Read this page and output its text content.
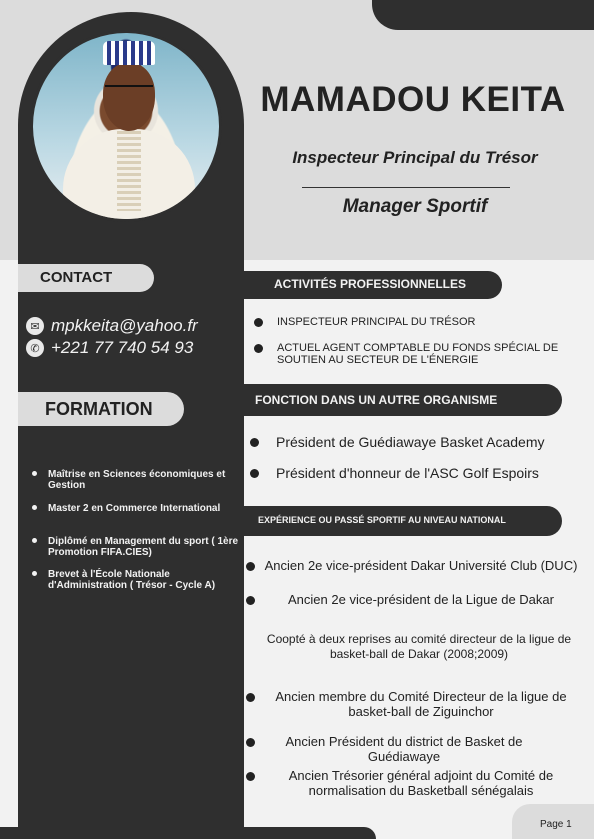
MAMADOU KEITA
Inspecteur Principal du Trésor
Manager Sportif
CONTACT
✉ mpkkeita@yahoo.fr
✆ +221 77 740 54 93
FORMATION
Maîtrise en Sciences économiques et Gestion
Master 2 en Commerce International
Diplômé en Management du sport ( 1ère Promotion FIFA.CIES)
Brevet à l'École Nationale d'Administration ( Trésor - Cycle A)
ACTIVITÉS PROFESSIONNELLES
INSPECTEUR PRINCIPAL DU TRÉSOR
ACTUEL AGENT COMPTABLE DU FONDS SPÉCIAL DE SOUTIEN AU SECTEUR DE L'ÉNERGIE
FONCTION DANS UN AUTRE ORGANISME
Président de Guédiawaye Basket Academy
Président d'honneur de l'ASC Golf Espoirs
EXPÉRIENCE OU PASSÉ SPORTIF AU NIVEAU NATIONAL
Ancien 2e vice-président Dakar Université Club (DUC)
Ancien 2e vice-président de la Ligue de Dakar
Coopté à deux reprises au comité directeur de la ligue de basket-ball de Dakar (2008;2009)
Ancien membre du Comité Directeur de la ligue de basket-ball de Ziguinchor
Ancien Président du district de Basket de Guédiawaye
Ancien Trésorier général adjoint du Comité de normalisation du Basketball sénégalais
Page 1
